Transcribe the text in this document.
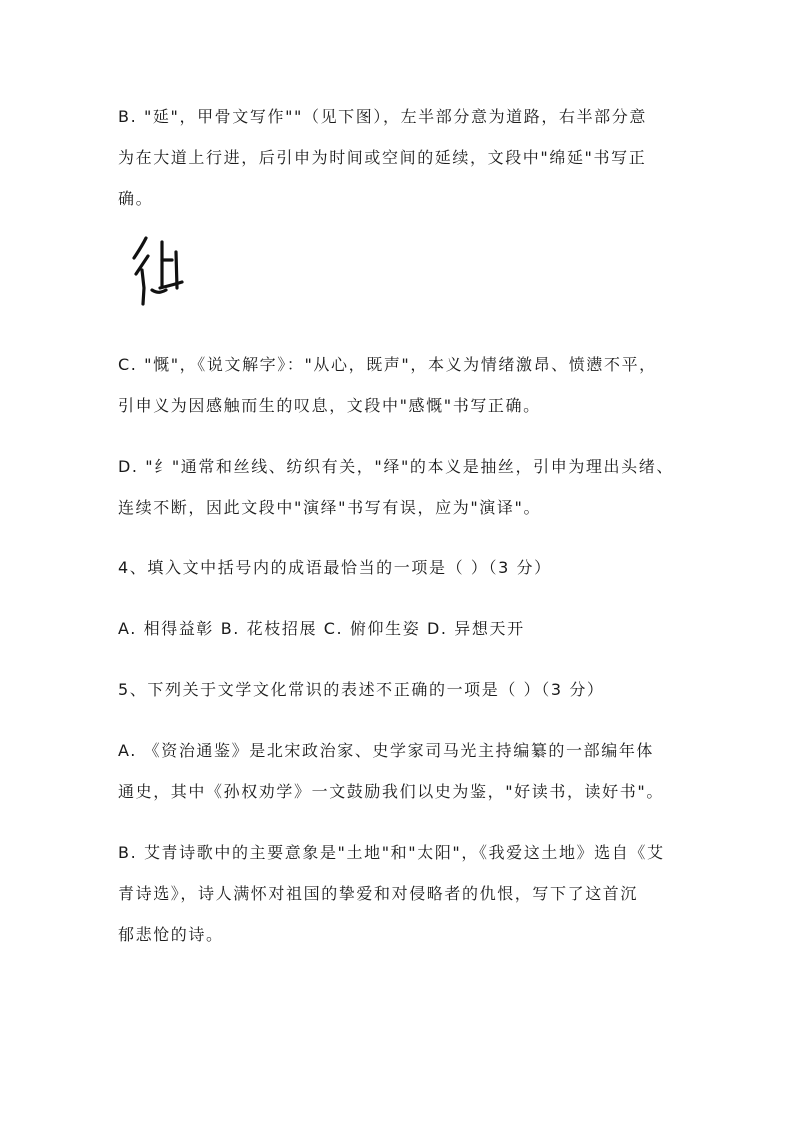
B. "延"，甲骨文写作""（见下图），左半部分意为道路，右半部分意
为在大道上行进，后引申为时间或空间的延续，文段中"绵延"书写正
确。
C. "慨"，《说文解字》："从心，既声"，本义为情绪激昂、愤懑不平，
引申义为因感触而生的叹息，文段中"感慨"书写正确。
D. "纟"通常和丝线、纺织有关，"绎"的本义是抽丝，引申为理出头绪、
连续不断，因此文段中"演绎"书写有误，应为"演译"。
4、填入文中括号内的成语最恰当的一项是（ ）（3 分）
A. 相得益彰 B. 花枝招展 C. 俯仰生姿 D. 异想天开
5、下列关于文学文化常识的表述不正确的一项是（ ）（3 分）
A. 《资治通鉴》是北宋政治家、史学家司马光主持编纂的一部编年体
通史，其中《孙权劝学》一文鼓励我们以史为鉴，"好读书，读好书"。
B. 艾青诗歌中的主要意象是"土地"和"太阳"，《我爱这土地》选自《艾
青诗选》，诗人满怀对祖国的挚爱和对侵略者的仇恨，写下了这首沉
郁悲怆的诗。
